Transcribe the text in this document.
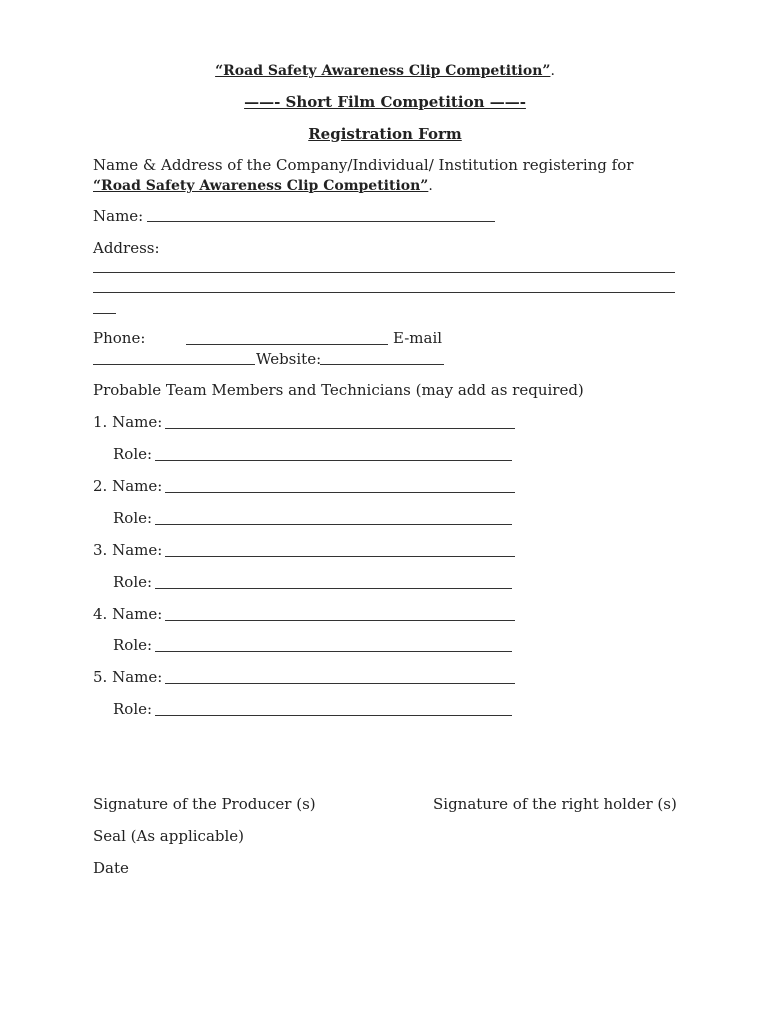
“Road Safety Awareness Clip Competition”.
——- Short Film Competition ——-
Registration Form
Name & Address of the Company/Individual/ Institution registering for
“Road Safety Awareness Clip Competition”.
Name:
Address:
Phone:	E-mail
Website:
Probable Team Members and Technicians (may add as required)
1. Name:
Role:
2. Name:
Role:
3. Name:
Role:
4. Name:
Role:
5. Name:
Role:
Signature of the Producer (s)	Signature of the right holder (s)
Seal (As applicable)
Date
